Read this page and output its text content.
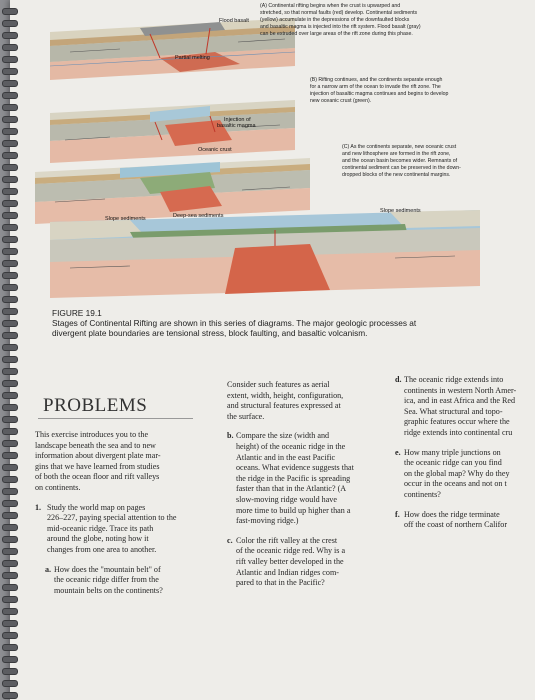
Flood basalt
Partial melting
Injection of
basaltic magma
Oceanic crust
Slope sediments	Deep-sea sediments
Slope sediments

(A) Continental rifting begins when the crust is upwarped and

stretched, so that normal faults (red) develop. Continental sediments

(yellow) accumulate in the depressions of the downfaulted blocks

and basaltic magma is injected into the rift system. Flood basalt (gray)

can be extruded over large areas of the rift zone during this phase.

(B) Rifting continues, and the continents separate enough

for a narrow arm of the ocean to invade the rift zone. The

injection of basaltic magma continues and begins to develop

new oceanic crust (green).

(C) As the continents separate, new oceanic crust

and new lithosphere are formed in the rift zone,

and the ocean basin becomes wider. Remnants of

continental sediment can be preserved in the down-

dropped blocks of the new continental margins.

FIGURE 19.1
Stages of Continental Rifting are shown in this series of diagrams. The major geologic processes at
divergent plate boundaries are tensional stress, block faulting, and basaltic volcanism.
PROBLEMS

This exercise introduces you to the
landscape beneath the sea and to new
information about divergent plate mar-
gins that we have learned from studies
of both the ocean floor and rift valleys
on continents.

1. Study the world map on pages
226–227, paying special attention to the
mid-oceanic ridge. Trace its path
around the globe, noting how it
changes from one area to another.
a. How does the "mountain belt" of
the oceanic ridge differ from the
mountain belts on the continents?

Consider such features as aerial
extent, width, height, configuration,
and structural features expressed at
the surface.

b. Compare the size (width and
height) of the oceanic ridge in the
Atlantic and in the east Pacific
oceans. What evidence suggests that
the ridge in the Pacific is spreading
faster than that in the Atlantic? (A
slow-moving ridge would have
more time to build up higher than a
fast-moving ridge.)
c. Color the rift valley at the crest
of the oceanic ridge red. Why is a
rift valley better developed in the
Atlantic and Indian ridges com-
pared to that in the Pacific?
d. The oceanic ridge extends into
continents in western North Amer-
ica, and in east Africa and the Red
Sea. What structural and topo-
graphic features occur where the
ridge extends into continental cru
e. How many triple junctions on
the oceanic ridge can you find
on the global map? Why do they
occur in the oceans and not on t
continents?
f. How does the ridge terminate
off the coast of northern Califor
